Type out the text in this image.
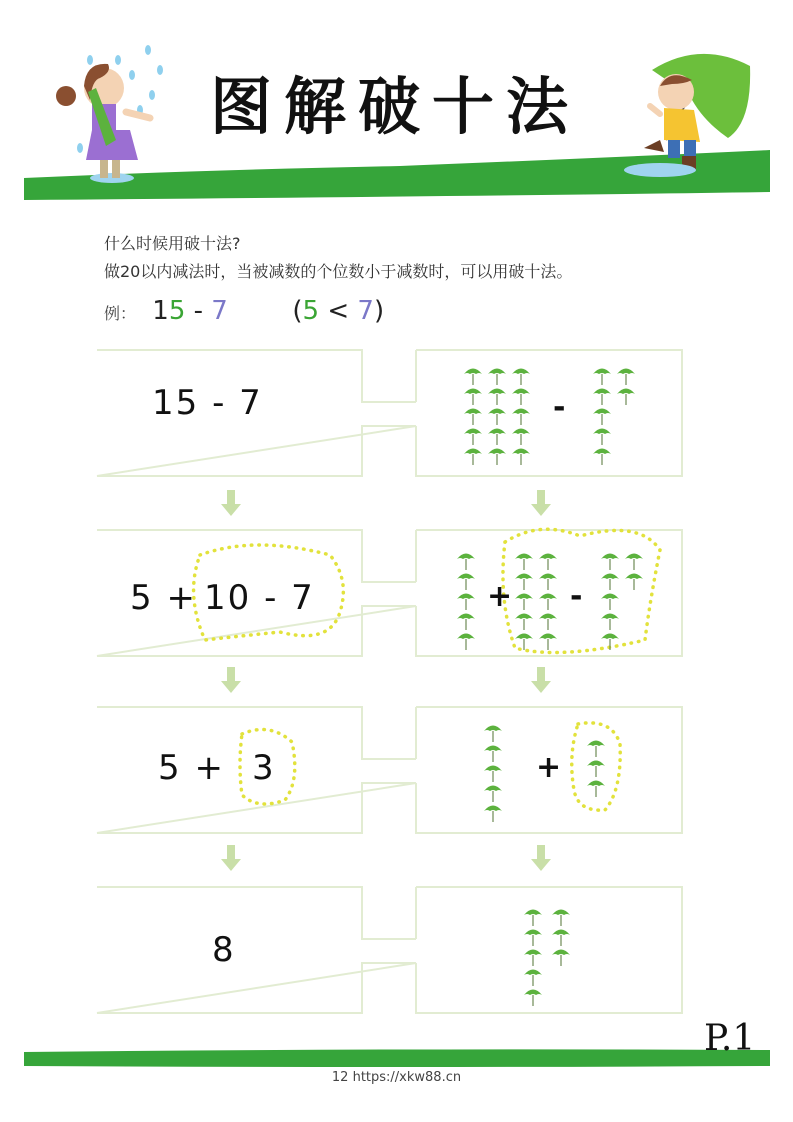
图解破十法
什么时候用破十法?
做20以内减法时，当被减数的个位数小于减数时，可以用破十法。
例： 15 - 7 (5 < 7)
15 - 7	-
5 + 10 - 7	+ -
5 + 3	+
8
P.1
12 https://xkw88.cn
